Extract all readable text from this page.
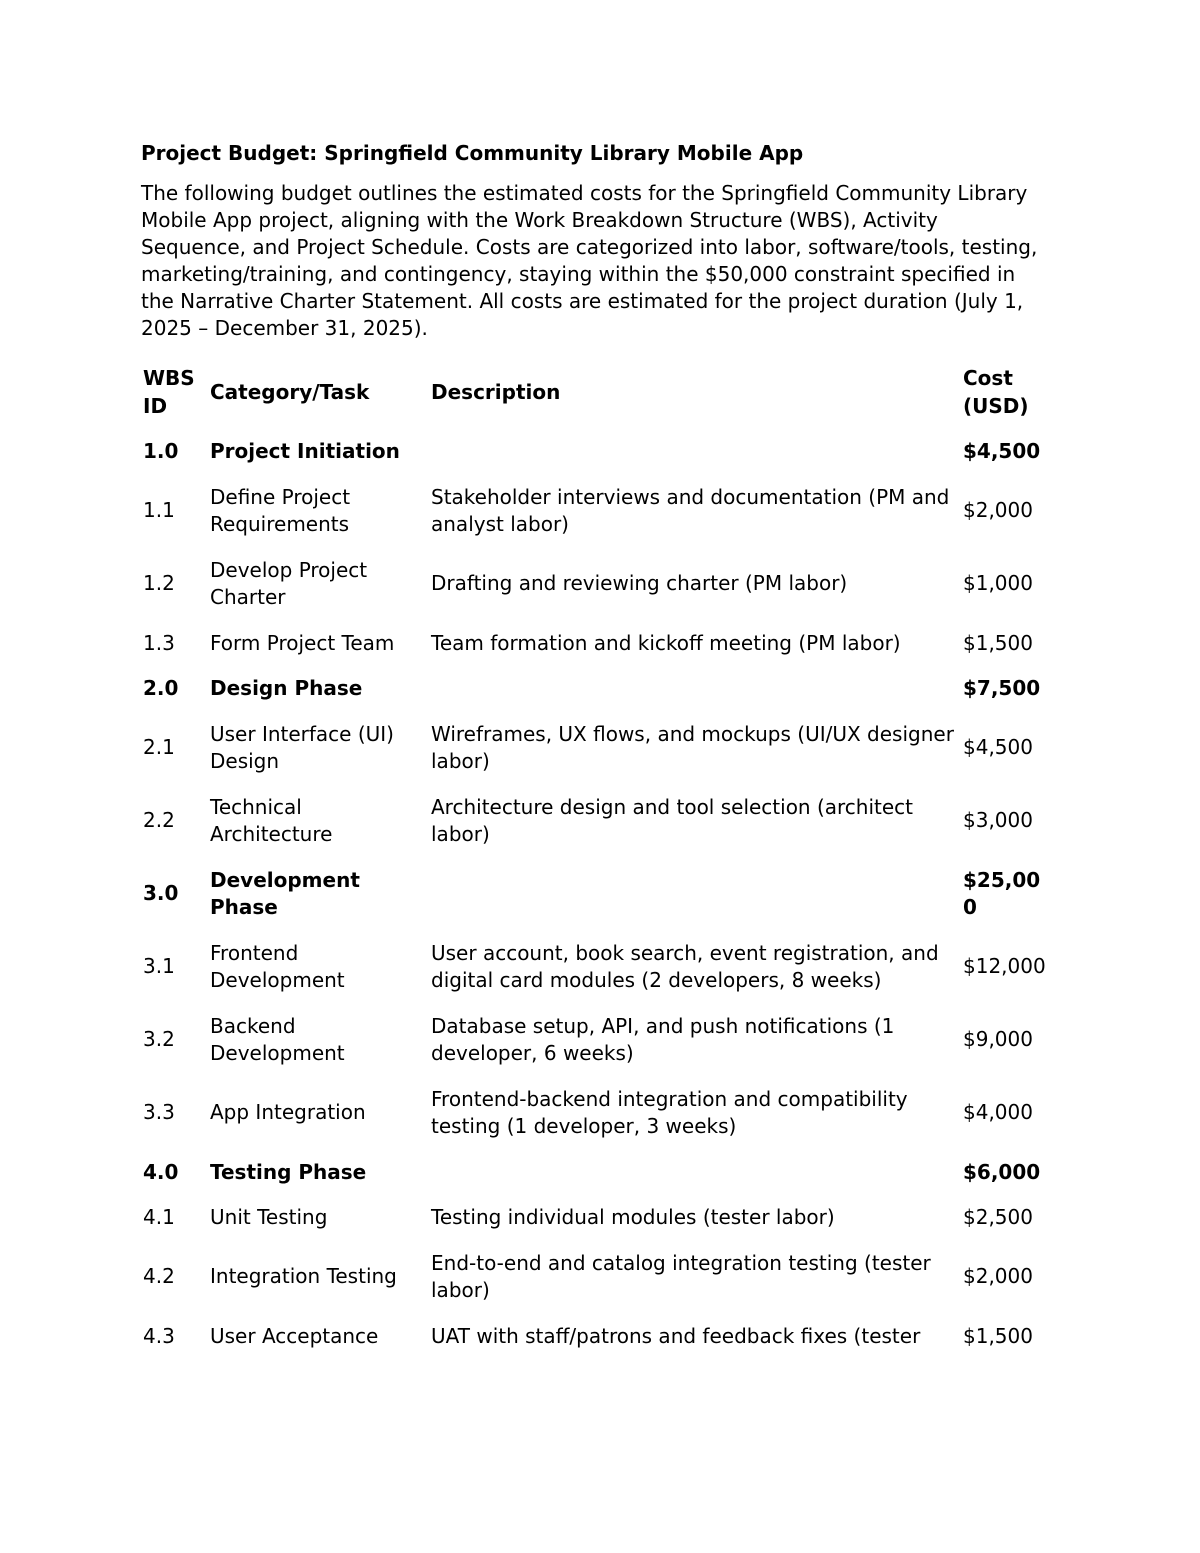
Project Budget: Springfield Community Library Mobile App
The following budget outlines the estimated costs for the Springfield Community Library Mobile App project, aligning with the Work Breakdown Structure (WBS), Activity Sequence, and Project Schedule. Costs are categorized into labor, software/tools, testing, marketing/training, and contingency, staying within the $50,000 constraint specified in the Narrative Charter Statement. All costs are estimated for the project duration (July 1, 2025 – December 31, 2025).
WBS ID	Category/Task	Description	Cost (USD)
1.0	Project Initiation		$4,500
1.1	Define Project Requirements	Stakeholder interviews and documentation (PM and analyst labor)	$2,000
1.2	Develop Project Charter	Drafting and reviewing charter (PM labor)	$1,000
1.3	Form Project Team	Team formation and kickoff meeting (PM labor)	$1,500
2.0	Design Phase		$7,500
2.1	User Interface (UI) Design	Wireframes, UX flows, and mockups (UI/UX designer labor)	$4,500
2.2	Technical Architecture	Architecture design and tool selection (architect labor)	$3,000
3.0	Development Phase		$25,000
3.1	Frontend Development	User account, book search, event registration, and digital card modules (2 developers, 8 weeks)	$12,000
3.2	Backend Development	Database setup, API, and push notifications (1 developer, 6 weeks)	$9,000
3.3	App Integration	Frontend-backend integration and compatibility testing (1 developer, 3 weeks)	$4,000
4.0	Testing Phase		$6,000
4.1	Unit Testing	Testing individual modules (tester labor)	$2,500
4.2	Integration Testing	End-to-end and catalog integration testing (tester labor)	$2,000
4.3	User Acceptance	UAT with staff/patrons and feedback fixes (tester	$1,500
